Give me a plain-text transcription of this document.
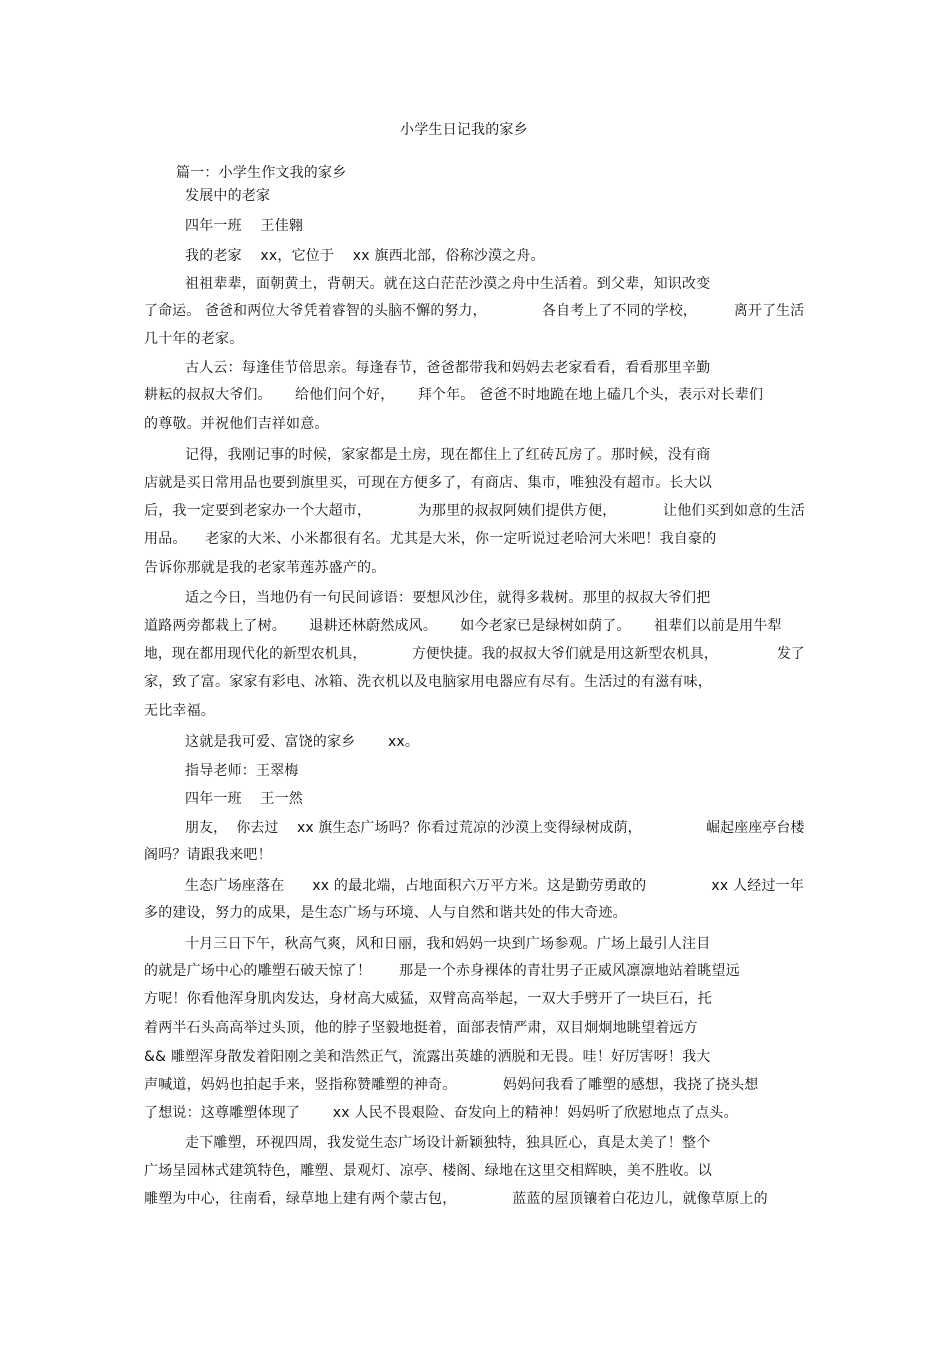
小学生日记我的家乡
篇一：小学生作文我的家乡
发展中的老家
四年一班    王佳翱
我的老家    xx，它位于    xx 旗西北部，俗称沙漠之舟。
祖祖辈辈，面朝黄土，背朝天。就在这白茫茫沙漠之舟中生活着。到父辈，知识改变
了命运。 爸爸和两位大爷凭着睿智的头脑不懈的努力，            各自考上了不同的学校，        离开了生活
几十年的老家。
古人云：每逢佳节倍思亲。每逢春节，爸爸都带我和妈妈去老家看看，看看那里辛勤
耕耘的叔叔大爷们。     给他们问个好，     拜个年。 爸爸不时地跪在地上磕几个头，表示对长辈们
的尊敬。并祝他们吉祥如意。
记得，我刚记事的时候，家家都是土房，现在都住上了红砖瓦房了。那时候，没有商
店就是买日常用品也要到旗里买，可现在方便多了，有商店、集市，唯独没有超市。长大以
后，我一定要到老家办一个大超市，          为那里的叔叔阿姨们提供方便，          让他们买到如意的生活
用品。    老家的大米、小米都很有名。尤其是大米，你一定听说过老哈河大米吧！我自豪的
告诉你那就是我的老家苇莲苏盛产的。
适之今日，当地仍有一句民间谚语：要想风沙住，就得多栽树。那里的叔叔大爷们把
道路两旁都栽上了树。     退耕还林蔚然成风。     如今老家已是绿树如荫了。     祖辈们以前是用牛犁
地，现在都用现代化的新型农机具，          方便快捷。我的叔叔大爷们就是用这新型农机具，             发了
家，致了富。家家有彩电、冰箱、洗衣机以及电脑家用电器应有尽有。生活过的有滋有味，
无比幸福。
这就是我可爱、富饶的家乡       xx。
指导老师：王翠梅
四年一班    王一然
朋友，  你去过    xx 旗生态广场吗？你看过荒凉的沙漠上变得绿树成荫，              崛起座座亭台楼
阁吗？请跟我来吧！
生态广场座落在      xx 的最北端，占地面积六万平方米。这是勤劳勇敢的              xx 人经过一年
多的建设，努力的成果，是生态广场与环境、人与自然和谐共处的伟大奇迹。
十月三日下午，秋高气爽，风和日丽，我和妈妈一块到广场参观。广场上最引人注目
的就是广场中心的雕塑石破天惊了！      那是一个赤身裸体的青壮男子正威风凛凛地站着眺望远
方呢！你看他浑身肌肉发达，身材高大威猛，双臂高高举起，一双大手劈开了一块巨石，托
着两半石头高高举过头顶，他的脖子坚毅地挺着，面部表情严肃，双目炯炯地眺望着远方
&& 雕塑浑身散发着阳刚之美和浩然正气，流露出英雄的洒脱和无畏。哇！好厉害呀！我大
声喊道，妈妈也拍起手来，竖指称赞雕塑的神奇。          妈妈问我看了雕塑的感想，我挠了挠头想
了想说：这尊雕塑体现了       xx 人民不畏艰险、奋发向上的精神！妈妈听了欣慰地点了点头。
走下雕塑，环视四周，我发觉生态广场设计新颖独特，独具匠心，真是太美了！整个
广场呈园林式建筑特色，雕塑、景观灯、凉亭、楼阁、绿地在这里交相辉映，美不胜收。以
雕塑为中心，往南看，绿草地上建有两个蒙古包，            蓝蓝的屋顶镶着白花边儿，就像草原上的
